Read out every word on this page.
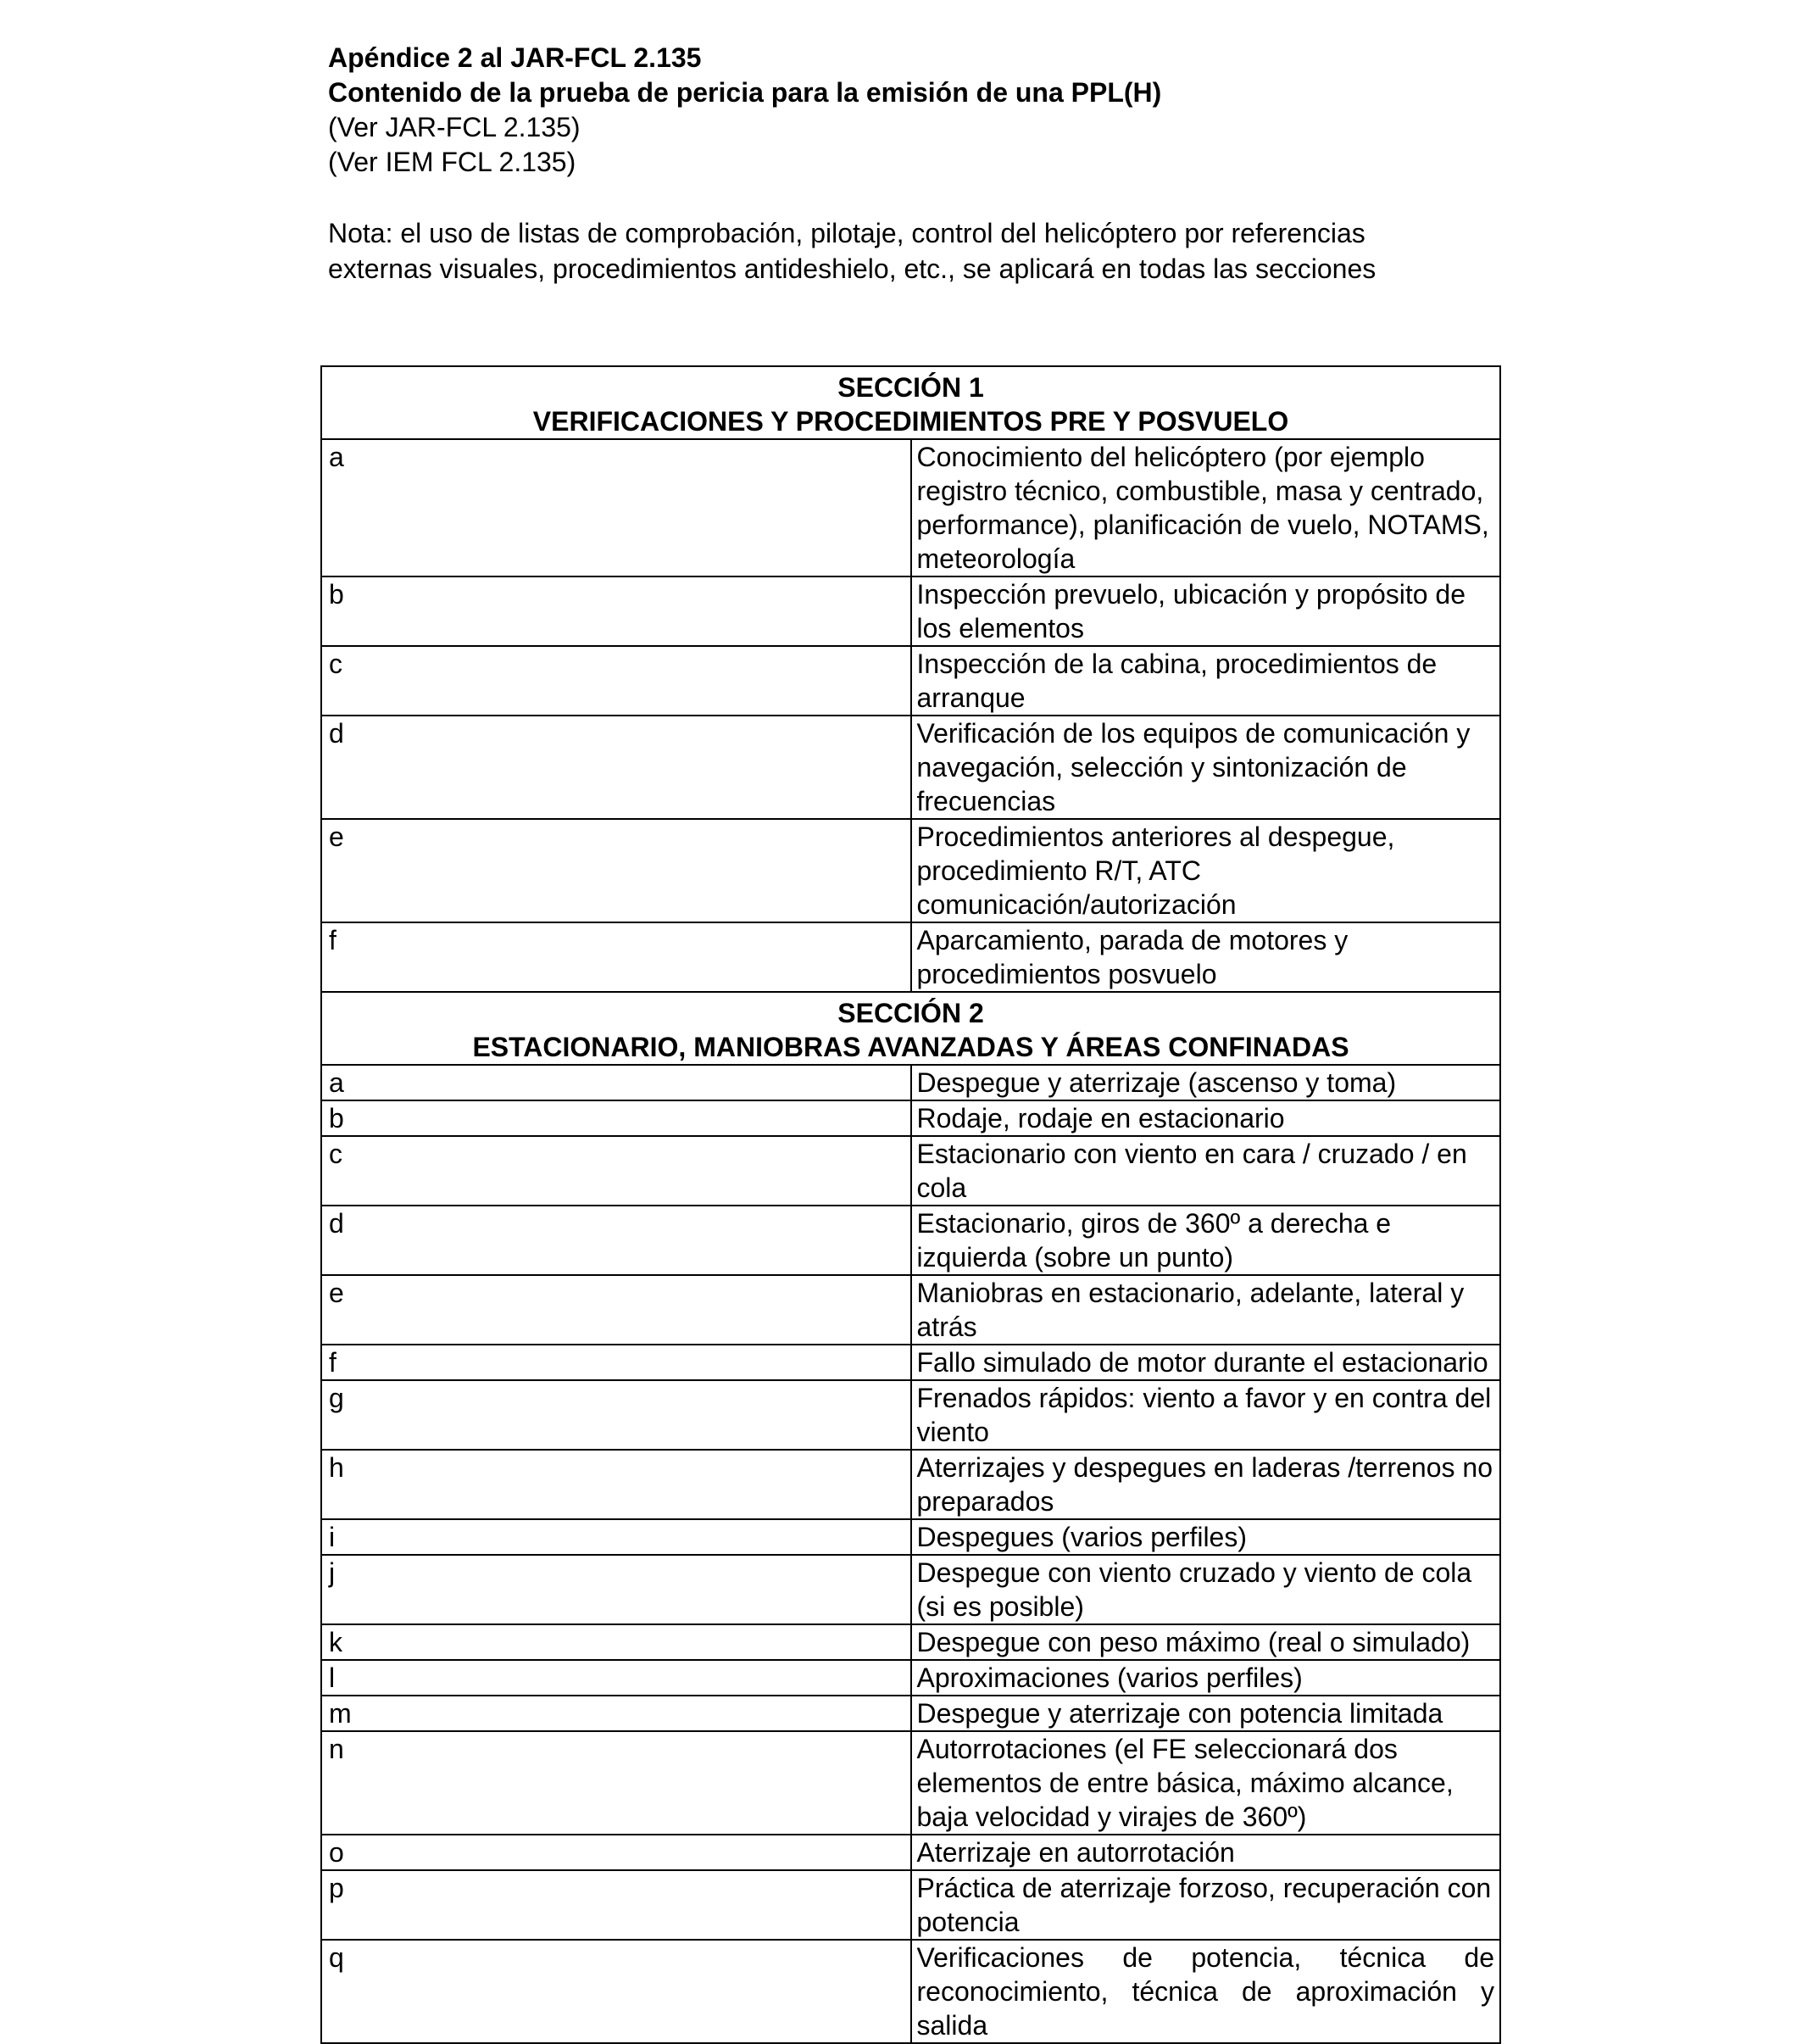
Apéndice 2 al JAR-FCL 2.135
Contenido de la prueba de pericia para la emisión de una PPL(H)
(Ver JAR-FCL 2.135)
(Ver IEM FCL 2.135)
Nota: el uso de listas de comprobación, pilotaje, control del helicóptero por referencias
externas visuales, procedimientos antideshielo, etc., se aplicará en todas las secciones
SECCIÓN 1
VERIFICACIONES Y PROCEDIMIENTOS PRE Y POSVUELO	

a	Conocimiento del helicóptero (por ejemplo registro técnico, combustible, masa y centrado, performance), planificación de vuelo, NOTAMS, meteorología

b	Inspección prevuelo, ubicación y propósito de los elementos

c	Inspección de la cabina, procedimientos de arranque

d	Verificación de los equipos de comunicación y navegación, selección y sintonización de frecuencias

e	Procedimientos anteriores al despegue, procedimiento R/T, ATC comunicación/autorización

f	Aparcamiento, parada de motores y procedimientos posvuelo

SECCIÓN 2
ESTACIONARIO, MANIOBRAS AVANZADAS Y ÁREAS CONFINADAS	

a	Despegue y aterrizaje (ascenso y toma)

b	Rodaje, rodaje en estacionario

c	Estacionario con viento en cara / cruzado / en cola

d	Estacionario, giros de 360º a derecha e izquierda (sobre un punto)

e	Maniobras en estacionario, adelante, lateral y atrás

f	Fallo simulado de motor durante el estacionario

g	Frenados rápidos: viento a favor y en contra del viento

h	Aterrizajes y despegues en laderas /terrenos no preparados

i	Despegues (varios perfiles)

j	Despegue con viento cruzado y viento de cola (si es posible)

k	Despegue con peso máximo (real o simulado)

l	Aproximaciones (varios perfiles)

m	Despegue y aterrizaje con potencia limitada

n	Autorrotaciones (el FE seleccionará dos elementos de entre básica, máximo alcance, baja velocidad y virajes de 360º)

o	Aterrizaje en autorrotación

p	Práctica de aterrizaje forzoso, recuperación con potencia

q	Verificaciones de potencia, técnica de reconocimiento, técnica de aproximación y salida
